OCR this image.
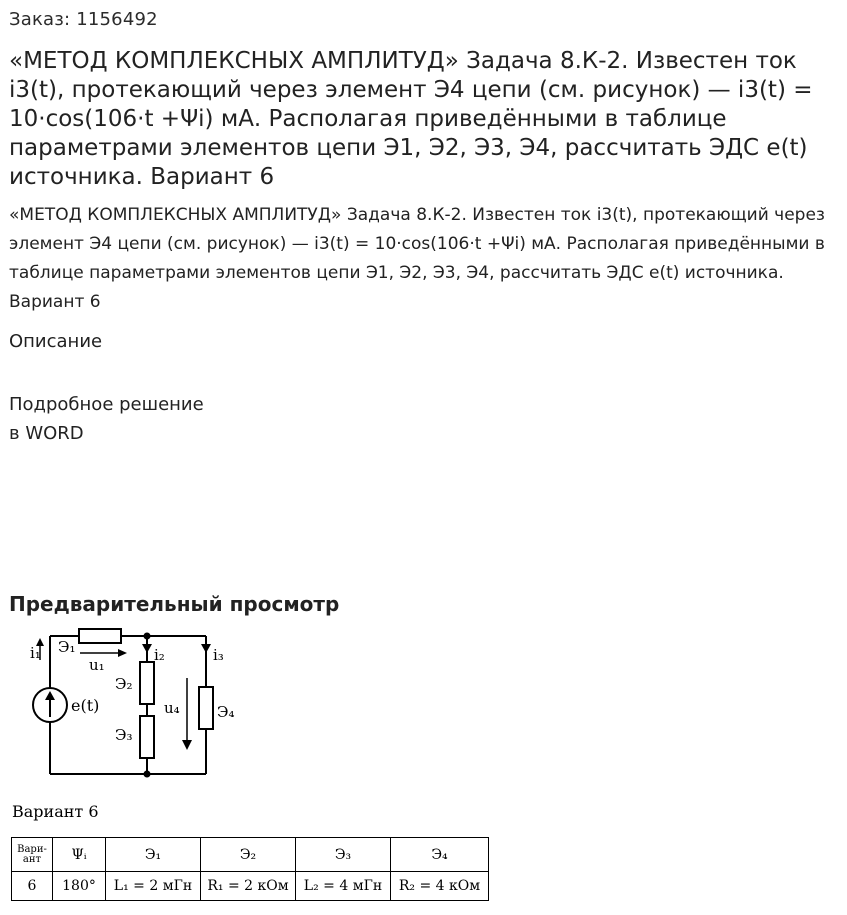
Заказ: 1156492
«МЕТОД КОМПЛЕКСНЫХ АМПЛИТУД» Задача 8.К-2. Известен ток i3(t), протекающий через элемент Э4 цепи (см. рисунок) — i3(t) = 10·cos(106·t +Ψi) мА. Располагая приведёнными в таблице параметрами элементов цепи Э1, Э2, Э3, Э4, рассчитать ЭДС e(t) источника. Вариант 6
«МЕТОД КОМПЛЕКСНЫХ АМПЛИТУД» Задача 8.К-2. Известен ток i3(t), протекающий через элемент Э4 цепи (см. рисунок) — i3(t) = 10·cos(106·t +Ψi) мА. Располагая приведёнными в таблице параметрами элементов цепи Э1, Э2, Э3, Э4, рассчитать ЭДС e(t) источника. Вариант 6
Описание
Подробное решение
в WORD
Предварительный просмотр
i₁ Э₁
u₁
i₂	i₃
Э₂
Э₃
u₄ Э₄
e(t)
Вариант 6
Вари-
ант	Ψᵢ	Э₁	Э₂	Э₃	Э₄
6	180°	L₁ = 2 мГн	R₁ = 2 кОм	L₂ = 4 мГн	R₂ = 4 кОм
